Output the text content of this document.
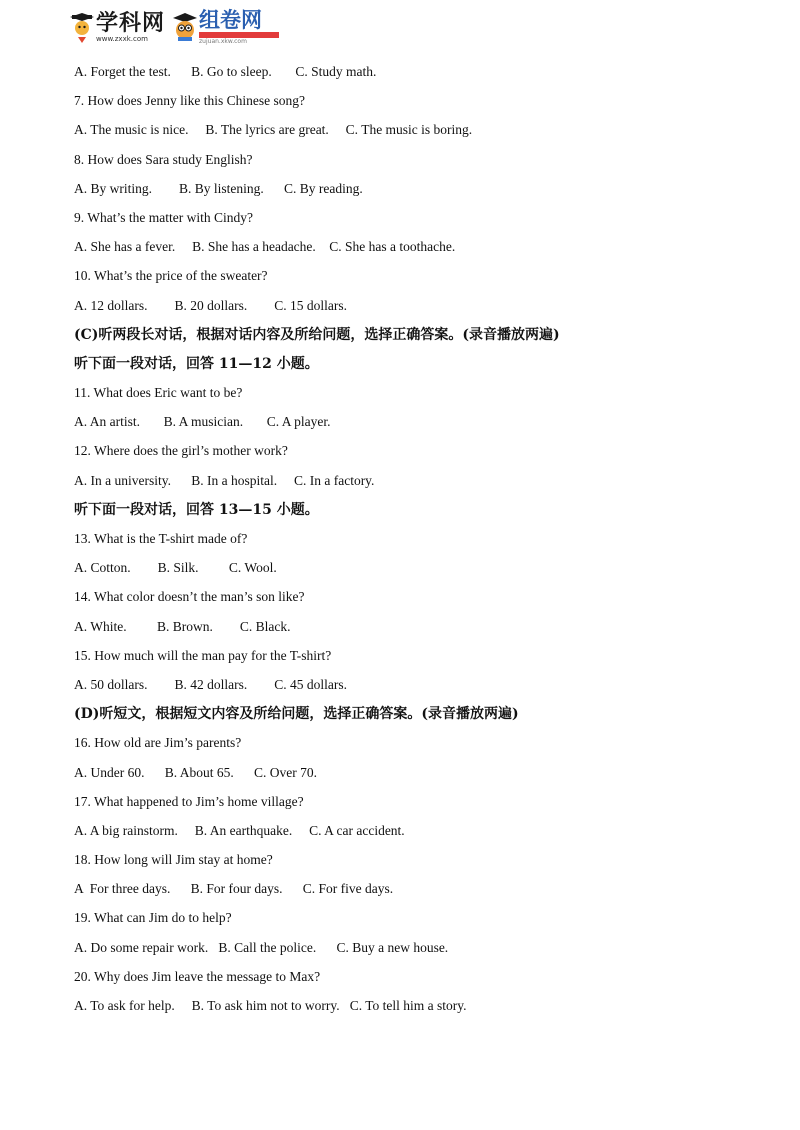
学科网
www.zxxk.com
组卷网
zujuan.xkw.com
A. Forget the test.      B. Go to sleep.       C. Study math.
7. How does Jenny like this Chinese song?
A. The music is nice.     B. The lyrics are great.     C. The music is boring.
8. How does Sara study English?
A. By writing.        B. By listening.      C. By reading.
9. What’s the matter with Cindy?
A. She has a fever.     B. She has a headache.    C. She has a toothache.
10. What’s the price of the sweater?
A. 12 dollars.        B. 20 dollars.        C. 15 dollars.
(C)听两段长对话，根据对话内容及所给问题，选择正确答案。(录音播放两遍)
听下面一段对话，回答 11—12 小题。
11. What does Eric want to be?
A. An artist.       B. A musician.       C. A player.
12. Where does the girl’s mother work?
A. In a university.      B. In a hospital.     C. In a factory.
听下面一段对话，回答 13—15 小题。
13. What is the T-shirt made of?
A. Cotton.        B. Silk.         C. Wool.
14. What color doesn’t the man’s son like?
A. White.         B. Brown.        C. Black.
15. How much will the man pay for the T-shirt?
A. 50 dollars.        B. 42 dollars.        C. 45 dollars.
(D)听短文，根据短文内容及所给问题，选择正确答案。(录音播放两遍)
16. How old are Jim’s parents?
A. Under 60.      B. About 65.      C. Over 70.
17. What happened to Jim’s home village?
A. A big rainstorm.     B. An earthquake.     C. A car accident.
18. How long will Jim stay at home?
A  For three days.      B. For four days.      C. For five days.
19. What can Jim do to help?
A. Do some repair work.   B. Call the police.      C. Buy a new house.
20. Why does Jim leave the message to Max?
A. To ask for help.     B. To ask him not to worry.   C. To tell him a story.
